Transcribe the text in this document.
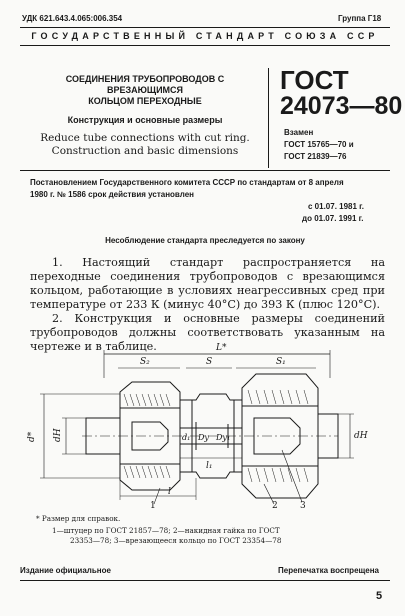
УДК 621.643.4.065:006.354	Группа Г18
ГОСУДАРСТВЕННЫЙ СТАНДАРТ СОЮЗА ССР
СОЕДИНЕНИЯ ТРУБОПРОВОДОВ С ВРЕЗАЮЩИМСЯ
КОЛЬЦОМ ПЕРЕХОДНЫЕ
Конструкция и основные размеры
Reduce tube connections with cut ring.
Construction and basic dimensions
ГОСТ
24073—80
Взамен
ГОСТ 15765—70 и
ГОСТ 21839—76
Постановлением Государственного комитета СССР по стандартам от 8 апреля
1980 г. № 1586 срок действия установлен
с 01.07. 1981 г.
до 01.07. 1991 г.
Несоблюдение стандарта преследуется по закону
1. Настоящий стандарт распространяется на переходные соединения трубопроводов с врезающимся кольцом, работающие в условиях неагрессивных сред при температуре от 233 К (минус 40°С) до 393 К (плюс 120°С).
2. Конструкция и основные размеры соединений трубопроводов должны соответствовать указанным на чертеже и в таблице.	L*
S₂	S	S₁
d* dН	d₁ Dу Dу₁	dН
l
l₁
1	2 3
* Размер для справок.
1—штуцер по ГОСТ 21857—78; 2—накидная гайка по ГОСТ
23353—78; 3—врезающееся кольцо по ГОСТ 23354—78
Издание официальное	Перепечатка воспрещена
5
